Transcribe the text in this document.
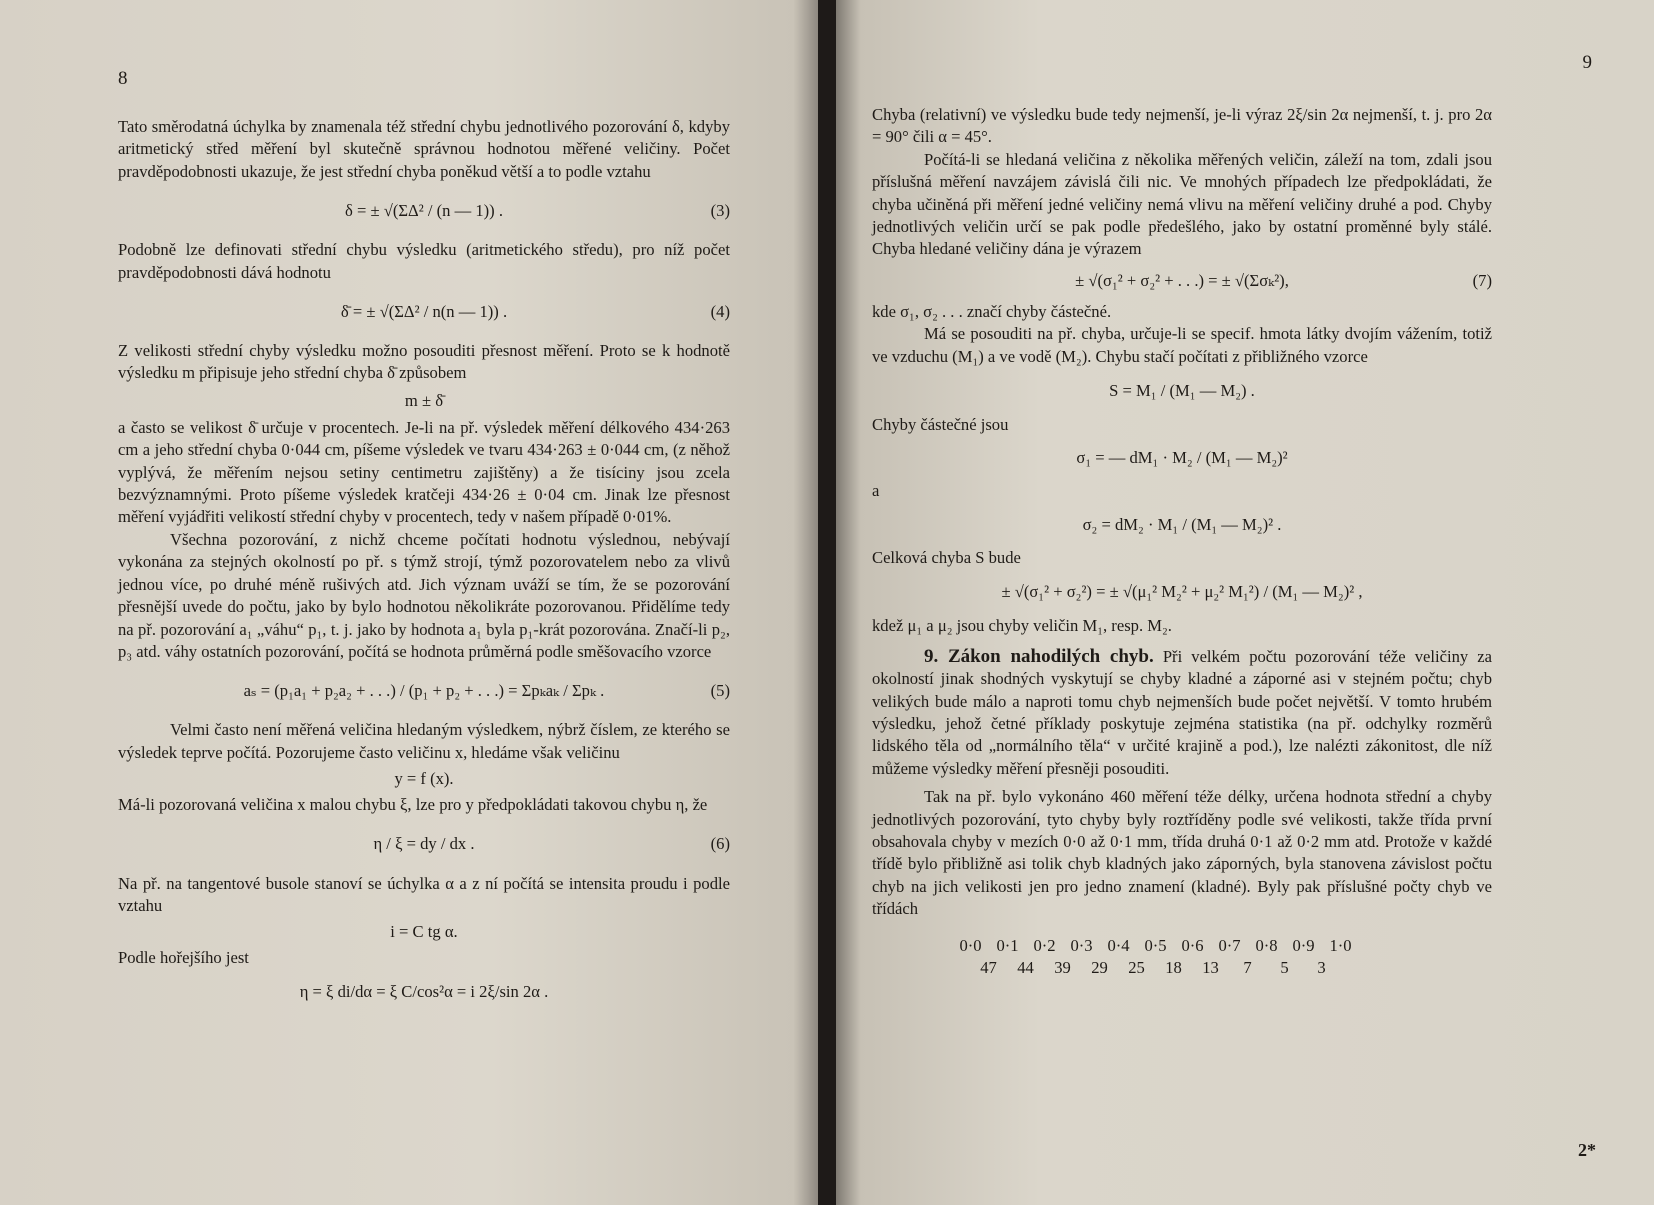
8

Tato směrodatná úchylka by znamenala též střední chybu jednotlivého pozorování δ, kdyby aritmetický střed měření byl skutečně správnou hodnotou měřené veličiny. Počet pravděpodobnosti ukazuje, že jest střední chyba poněkud větší a to podle vztahu

δ = ± √(ΣΔ² / (n — 1)) .	(3)

Podobně lze definovati střední chybu výsledku (aritmetického středu), pro níž počet pravděpodobnosti dává hodnotu

δ̄ = ± √(ΣΔ² / n(n — 1)) .	(4)

Z velikosti střední chyby výsledku možno posouditi přesnost měření. Proto se k hodnotě výsledku m připisuje jeho střední chyba δ̄ způsobem

m ± δ̄

a často se velikost δ̄ určuje v procentech. Je-li na př. výsledek měření délkového 434·263 cm a jeho střední chyba 0·044 cm, píšeme výsledek ve tvaru 434·263 ± 0·044 cm, (z něhož vyplývá, že měřením nejsou setiny centimetru zajištěny) a že tisíciny jsou zcela bezvýznamnými. Proto píšeme výsledek kratčeji 434·26 ± 0·04 cm. Jinak lze přesnost měření vyjádřiti velikostí střední chyby v procentech, tedy v našem případě 0·01%.

Všechna pozorování, z nichž chceme počítati hodnotu výslednou, nebývají vykonána za stejných okolností po př. s týmž strojí, týmž pozorovatelem nebo za vlivů jednou více, po druhé méně rušivých atd. Jich význam uváží se tím, že se pozorování přesnější uvede do počtu, jako by bylo hodnotou několikráte pozorovanou. Přidělíme tedy na př. pozorování a₁ „váhu“ p₁, t. j. jako by hodnota a₁ byla p₁-krát pozorována. Značí-li p₂, p₃ atd. váhy ostatních pozorování, počítá se hodnota průměrná podle směšovacího vzorce

aₛ = (p₁a₁ + p₂a₂ + . . .) / (p₁ + p₂ + . . .) = Σpₖaₖ / Σpₖ .	(5)

Velmi často není měřená veličina hledaným výsledkem, nýbrž číslem, ze kterého se výsledek teprve počítá. Pozorujeme často veličinu x, hledáme však veličinu

y = f (x).

Má-li pozorovaná veličina x malou chybu ξ, lze pro y předpokládati takovou chybu η, že

η / ξ = dy / dx .	(6)

Na př. na tangentové busole stanoví se úchylka α a z ní počítá se intensita proudu i podle vztahu

i = C tg α.

Podle hořejšího jest

η = ξ di/dα = ξ C/cos²α = i 2ξ/sin 2α .
9

Chyba (relativní) ve výsledku bude tedy nejmenší, je-li výraz 2ξ/sin 2α nejmenší, t. j. pro 2α = 90° čili α = 45°.

Počítá-li se hledaná veličina z několika měřených veličin, záleží na tom, zdali jsou příslušná měření navzájem závislá čili nic. Ve mnohých případech lze předpokládati, že chyba učiněná při měření jedné veličiny nemá vlivu na měření veličiny druhé a pod. Chyby jednotlivých veličin určí se pak podle předešlého, jako by ostatní proměnné byly stálé. Chyba hledané veličiny dána je výrazem

± √(σ₁² + σ₂² + . . .) = ± √(Σσₖ²),	(7)

kde σ₁, σ₂ . . . značí chyby částečné.

Má se posouditi na př. chyba, určuje-li se specif. hmota látky dvojím vážením, totiž ve vzduchu (M₁) a ve vodě (M₂). Chybu stačí počítati z přibližného vzorce

S = M₁ / (M₁ — M₂) .

Chyby částečné jsou

σ₁ = — dM₁ · M₂ / (M₁ — M₂)²

a

σ₂ = dM₂ · M₁ / (M₁ — M₂)² .

Celková chyba S bude

± √(σ₁² + σ₂²) = ± √(μ₁² M₂² + μ₂² M₁²) / (M₁ — M₂)² ,

kdež μ₁ a μ₂ jsou chyby veličin M₁, resp. M₂.

9. Zákon nahodilých chyb. Při velkém počtu pozorování téže veličiny za okolností jinak shodných vyskytují se chyby kladné a záporné asi v stejném počtu; chyb velikých bude málo a naproti tomu chyb nejmenších bude počet největší. V tomto hrubém výsledku, jehož četné příklady poskytuje zejména statistika (na př. odchylky rozměrů lidského těla od „normálního těla“ v určité krajině a pod.), lze nalézti zákonitost, dle níž můžeme výsledky měření přesněji posouditi.

Tak na př. bylo vykonáno 460 měření téže délky, určena hodnota střední a chyby jednotlivých pozorování, tyto chyby byly roztříděny podle své velikosti, takže třída první obsahovala chyby v mezích 0·0 až 0·1 mm, třída druhá 0·1 až 0·2 mm atd. Protože v každé třídě bylo přibližně asi tolik chyb kladných jako záporných, byla stanovena závislost počtu chyb na jich velikosti jen pro jedno znamení (kladné). Byly pak příslušné počty chyb ve třídách

0·0 0·1 0·2 0·3 0·4 0·5 0·6 0·7 0·8 0·9 1·0
47	44	39	29	25	18	13	7	5	3
2*
